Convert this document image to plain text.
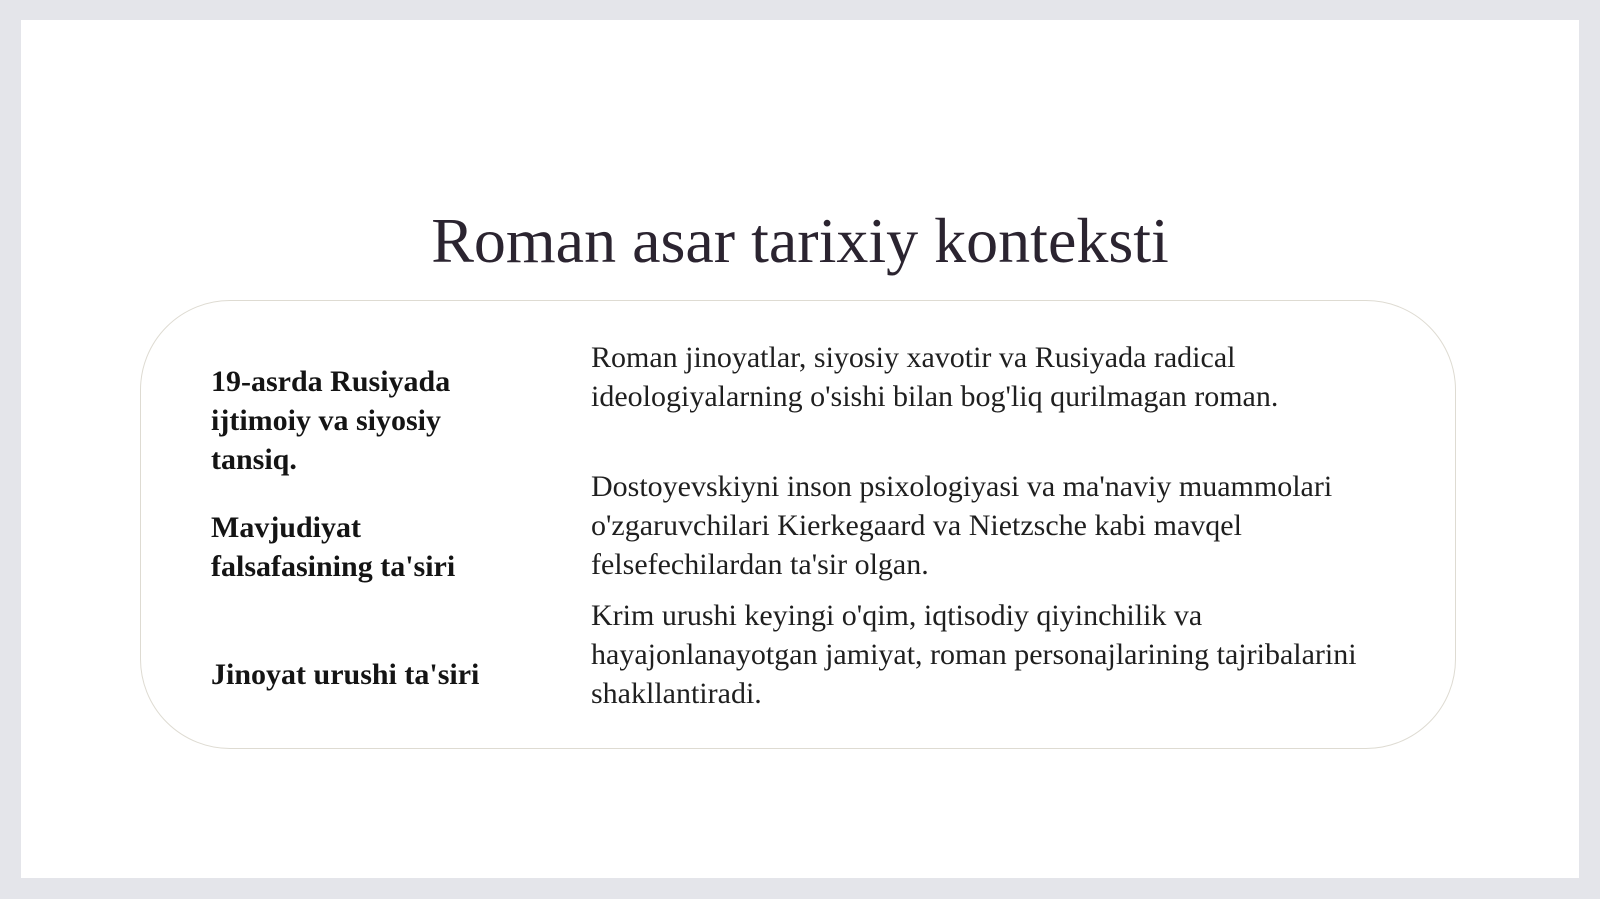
Roman asar tarixiy konteksti

19-asrda Rusiyada ijtimoiy va siyosiy tansiq.

Roman jinoyatlar, siyosiy xavotir va Rusiyada radical ideologiyalarning o'sishi bilan bog'liq qurilmagan roman.

Mavjudiyat falsafasining ta'siri

Dostoyevskiyni inson psixologiyasi va ma'naviy muammolari o'zgaruvchilari Kierkegaard va Nietzsche kabi mavqel felsefechilardan ta'sir olgan.

Jinoyat urushi ta'siri

Krim urushi keyingi o'qim, iqtisodiy qiyinchilik va hayajonlanayotgan jamiyat, roman personajlarining tajribalarini shakllantiradi.
